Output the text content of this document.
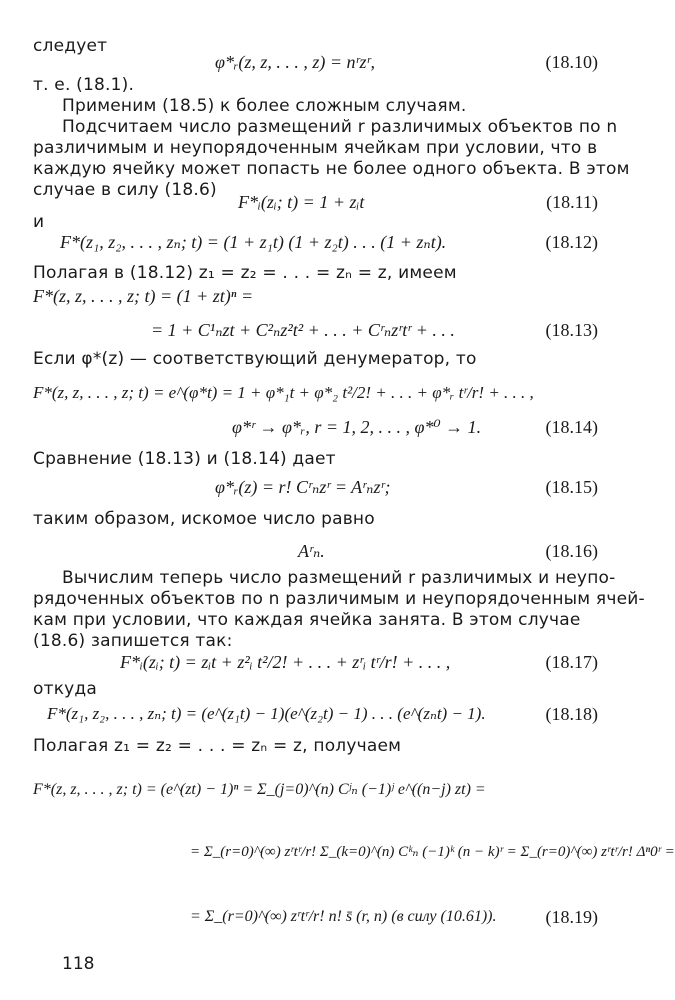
следует
φ*ᵣ(z, z, . . . , z) = nʳzʳ,	(18.10)
т. е. (18.1).
Применим (18.5) к более сложным случаям.
Подсчитаем число размещений r различимых объектов по n
различимым и неупорядоченным ячейкам при условии, что в
каждую ячейку может попасть не более одного объекта. В этом
случае в силу (18.6)
F*ᵢ(zᵢ; t) = 1 + zᵢt	(18.11)
и
F*(z₁, z₂, . . . , zₙ; t) = (1 + z₁t) (1 + z₂t) . . . (1 + zₙt).	(18.12)
Полагая в (18.12) z₁ = z₂ = . . . = zₙ = z, имеем
F*(z, z, . . . , z; t) = (1 + zt)ⁿ =
= 1 + C¹ₙzt + C²ₙz²t² + . . . + Cʳₙzʳtʳ + . . .	(18.13)
Если φ*(z) — соответствующий денумератор, то
F*(z, z, . . . , z; t) = e^(φ*t) = 1 + φ*₁t + φ*₂ t²/2! + . . . + φ*ᵣ tʳ/r! + . . . ,
φ*ʳ → φ*ᵣ, r = 1, 2, . . . , φ*⁰ → 1.	(18.14)
Сравнение (18.13) и (18.14) дает
φ*ᵣ(z) = r! Cʳₙzʳ = Aʳₙzʳ;	(18.15)
таким образом, искомое число равно
Aʳₙ.	(18.16)
Вычислим теперь число размещений r различимых и неупо-
рядоченных объектов по n различимым и неупорядоченным ячей-
кам при условии, что каждая ячейка занята. В этом случае
(18.6) запишется так:
F*ᵢ(zᵢ; t) = zᵢt + z²ᵢ t²/2! + . . . + zʳᵢ tʳ/r! + . . . ,	(18.17)
откуда
F*(z₁, z₂, . . . , zₙ; t) = (e^(z₁t) − 1)(e^(z₂t) − 1) . . . (e^(zₙt) − 1).	(18.18)
Полагая z₁ = z₂ = . . . = zₙ = z, получаем
F*(z, z, . . . , z; t) = (e^(zt) − 1)ⁿ = Σ_(j=0)^(n) Cʲₙ (−1)ʲ e^((n−j) zt) =
= Σ_(r=0)^(∞) zʳtʳ/r! Σ_(k=0)^(n) Cᵏₙ (−1)ᵏ (n − k)ʳ = Σ_(r=0)^(∞) zʳtʳ/r! Δⁿ0ʳ =
= Σ_(r=0)^(∞) zʳtʳ/r! n! s̄ (r, n) (в силу (10.61)).	(18.19)
118
